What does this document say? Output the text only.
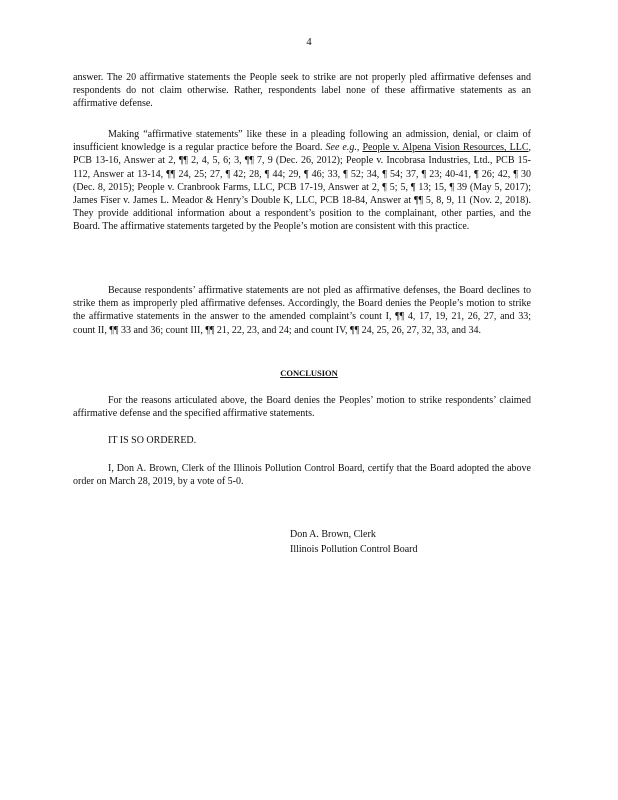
4

answer. The 20 affirmative statements the People seek to strike are not properly pled affirmative defenses and respondents do not claim otherwise. Rather, respondents label none of these affirmative statements as an affirmative defense.

Making “affirmative statements” like these in a pleading following an admission, denial, or claim of insufficient knowledge is a regular practice before the Board. See e.g., People v. Alpena Vision Resources, LLC, PCB 13-16, Answer at 2, ¶¶ 2, 4, 5, 6; 3, ¶¶ 7, 9 (Dec. 26, 2012); People v. Incobrasa Industries, Ltd., PCB 15-112, Answer at 13-14, ¶¶ 24, 25; 27, ¶ 42; 28, ¶ 44; 29, ¶ 46; 33, ¶ 52; 34, ¶ 54; 37, ¶ 23; 40-41, ¶ 26; 42, ¶ 30 (Dec. 8, 2015); People v. Cranbrook Farms, LLC, PCB 17-19, Answer at 2, ¶ 5; 5, ¶ 13; 15, ¶ 39 (May 5, 2017); James Fiser v. James L. Meador & Henry’s Double K, LLC, PCB 18-84, Answer at ¶¶ 5, 8, 9, 11 (Nov. 2, 2018). They provide additional information about a respondent’s position to the complainant, other parties, and the Board. The affirmative statements targeted by the People’s motion are consistent with this practice.

Because respondents’ affirmative statements are not pled as affirmative defenses, the Board declines to strike them as improperly pled affirmative defenses. Accordingly, the Board denies the People’s motion to strike the affirmative statements in the answer to the amended complaint’s count I, ¶¶ 4, 17, 19, 21, 26, 27, and 33; count II, ¶¶ 33 and 36; count III, ¶¶ 21, 22, 23, and 24; and count IV, ¶¶ 24, 25, 26, 27, 32, 33, and 34.

CONCLUSION

For the reasons articulated above, the Board denies the Peoples’ motion to strike respondents’ claimed affirmative defense and the specified affirmative statements.

IT IS SO ORDERED.

I, Don A. Brown, Clerk of the Illinois Pollution Control Board, certify that the Board adopted the above order on March 28, 2019, by a vote of 5-0.

Don A. Brown, Clerk
Illinois Pollution Control Board
